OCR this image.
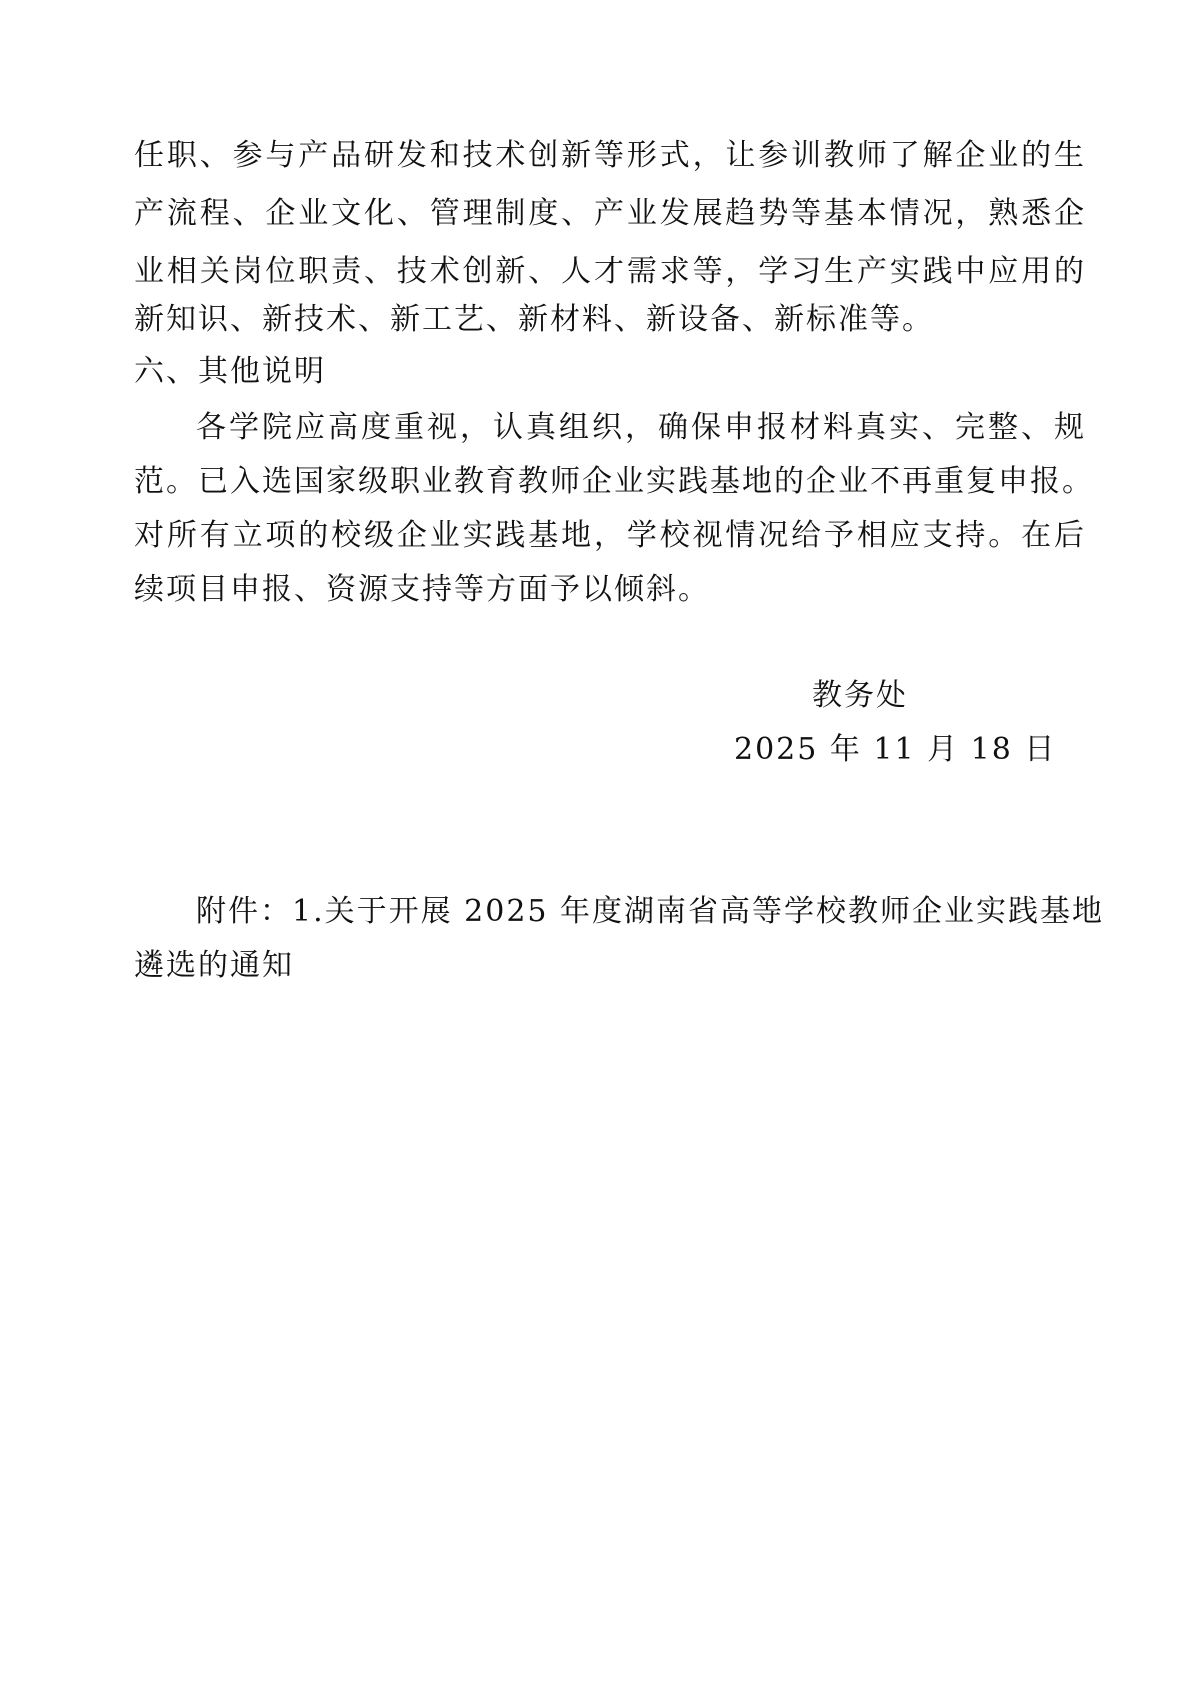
任职、参与产品研发和技术创新等形式，让参训教师了解企业的生
产流程、企业文化、管理制度、产业发展趋势等基本情况，熟悉企
业相关岗位职责、技术创新、人才需求等，学习生产实践中应用的
新知识、新技术、新工艺、新材料、新设备、新标准等。
六、其他说明
各学院应高度重视，认真组织，确保申报材料真实、完整、规
范。已入选国家级职业教育教师企业实践基地的企业不再重复申报。
对所有立项的校级企业实践基地，学校视情况给予相应支持。在后
续项目申报、资源支持等方面予以倾斜。
教务处
2025 年 11 月 18 日
附件：1.关于开展 2025 年度湖南省高等学校教师企业实践基地
遴选的通知
